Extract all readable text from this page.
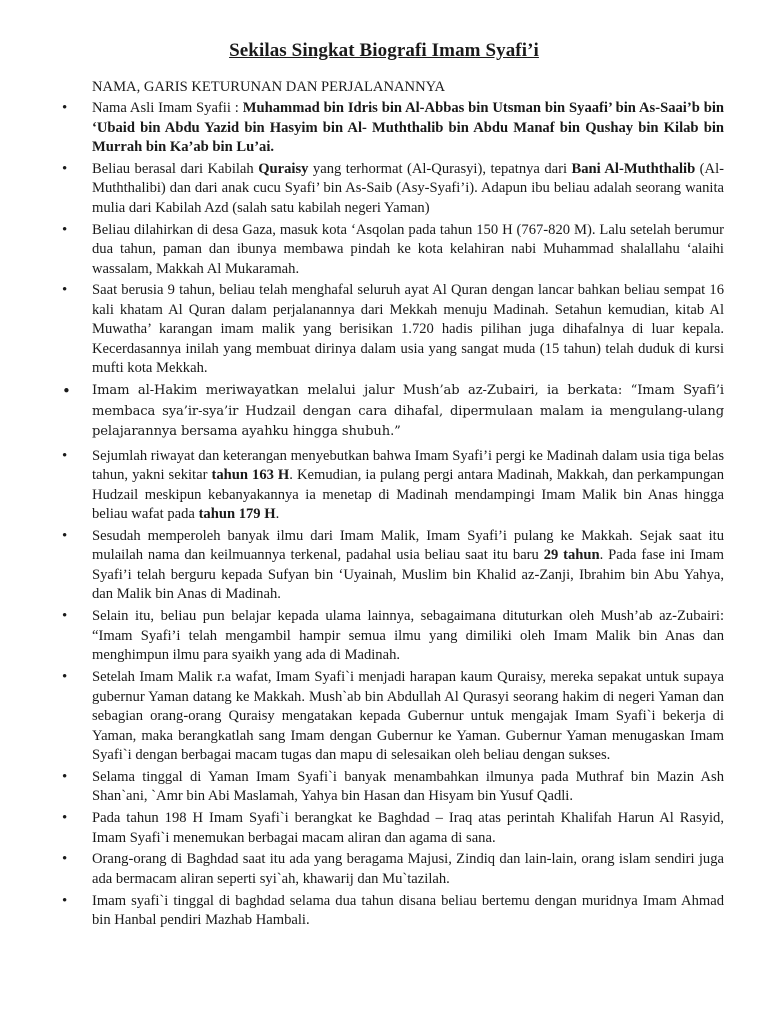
Sekilas Singkat Biografi Imam Syafi’i
NAMA, GARIS KETURUNAN DAN PERJALANANNYA
• Nama Asli Imam Syafii : Muhammad bin Idris bin Al-Abbas bin Utsman bin Syaafi’ bin As-Saai’b bin ‘Ubaid bin Abdu Yazid bin Hasyim bin Al- Muththalib bin Abdu Manaf bin Qushay bin Kilab bin Murrah bin Ka’ab bin Lu’ai.
• Beliau berasal dari Kabilah Quraisy yang terhormat (Al-Qurasyi), tepatnya dari Bani Al-Muththalib (Al-Muththalibi) dan dari anak cucu Syafi’ bin As-Saib (Asy-Syafi’i). Adapun ibu beliau adalah seorang wanita mulia dari Kabilah Azd (salah satu kabilah negeri Yaman)
• Beliau dilahirkan di desa Gaza, masuk kota ‘Asqolan pada tahun 150 H (767-820 M). Lalu setelah berumur dua tahun, paman dan ibunya membawa pindah ke kota kelahiran nabi Muhammad shalallahu ‘alaihi wassalam, Makkah Al Mukaramah.
• Saat berusia 9 tahun, beliau telah menghafal seluruh ayat Al Quran dengan lancar bahkan beliau sempat 16 kali khatam Al Quran dalam perjalanannya dari Mekkah menuju Madinah. Setahun kemudian, kitab Al Muwatha’ karangan imam malik yang berisikan 1.720 hadis pilihan juga dihafalnya di luar kepala. Kecerdasannya inilah yang membuat dirinya dalam usia yang sangat muda (15 tahun) telah duduk di kursi mufti kota Mekkah.
• Imam al-Hakim meriwayatkan melalui jalur Mush’ab az-Zubairi, ia berkata: “Imam Syafi’i membaca sya’ir-sya’ir Hudzail dengan cara dihafal, dipermulaan malam ia mengulang-ulang pelajarannya bersama ayahku hingga shubuh.”
• Sejumlah riwayat dan keterangan menyebutkan bahwa Imam Syafi’i pergi ke Madinah dalam usia tiga belas tahun, yakni sekitar tahun 163 H. Kemudian, ia pulang pergi antara Madinah, Makkah, dan perkampungan Hudzail meskipun kebanyakannya ia menetap di Madinah mendampingi Imam Malik bin Anas hingga beliau wafat pada tahun 179 H.
• Sesudah memperoleh banyak ilmu dari Imam Malik, Imam Syafi’i pulang ke Makkah. Sejak saat itu mulailah nama dan keilmuannya terkenal, padahal usia beliau saat itu baru 29 tahun. Pada fase ini Imam Syafi’i telah berguru kepada Sufyan bin ‘Uyainah, Muslim bin Khalid az-Zanji, Ibrahim bin Abu Yahya, dan Malik bin Anas di Madinah.
• Selain itu, beliau pun belajar kepada ulama lainnya, sebagaimana dituturkan oleh Mush’ab az-Zubairi: “Imam Syafi’i telah mengambil hampir semua ilmu yang dimiliki oleh Imam Malik bin Anas dan menghimpun ilmu para syaikh yang ada di Madinah.
• Setelah Imam Malik r.a wafat, Imam Syafi`i menjadi harapan kaum Quraisy, mereka sepakat untuk supaya gubernur Yaman datang ke Makkah. Mush`ab bin Abdullah Al Qurasyi seorang hakim di negeri Yaman dan sebagian orang-orang Quraisy mengatakan kepada Gubernur untuk mengajak Imam Syafi`i bekerja di Yaman, maka berangkatlah sang Imam dengan Gubernur ke Yaman. Gubernur Yaman menugaskan Imam Syafi`i dengan berbagai macam tugas dan mapu di selesaikan oleh beliau dengan sukses.
• Selama tinggal di Yaman Imam Syafi`i banyak menambahkan ilmunya pada Muthraf bin Mazin Ash Shan`ani, `Amr bin Abi Maslamah, Yahya bin Hasan dan Hisyam bin Yusuf Qadli.
• Pada tahun 198 H Imam Syafi`i berangkat ke Baghdad – Iraq atas perintah Khalifah Harun Al Rasyid, Imam Syafi`i menemukan berbagai macam aliran dan agama di sana.
• Orang-orang di Baghdad saat itu ada yang beragama Majusi, Zindiq dan lain-lain, orang islam sendiri juga ada bermacam aliran seperti syi`ah, khawarij dan Mu`tazilah.
• Imam syafi`i tinggal di baghdad selama dua tahun disana beliau bertemu dengan muridnya Imam Ahmad bin Hanbal pendiri Mazhab Hambali.
